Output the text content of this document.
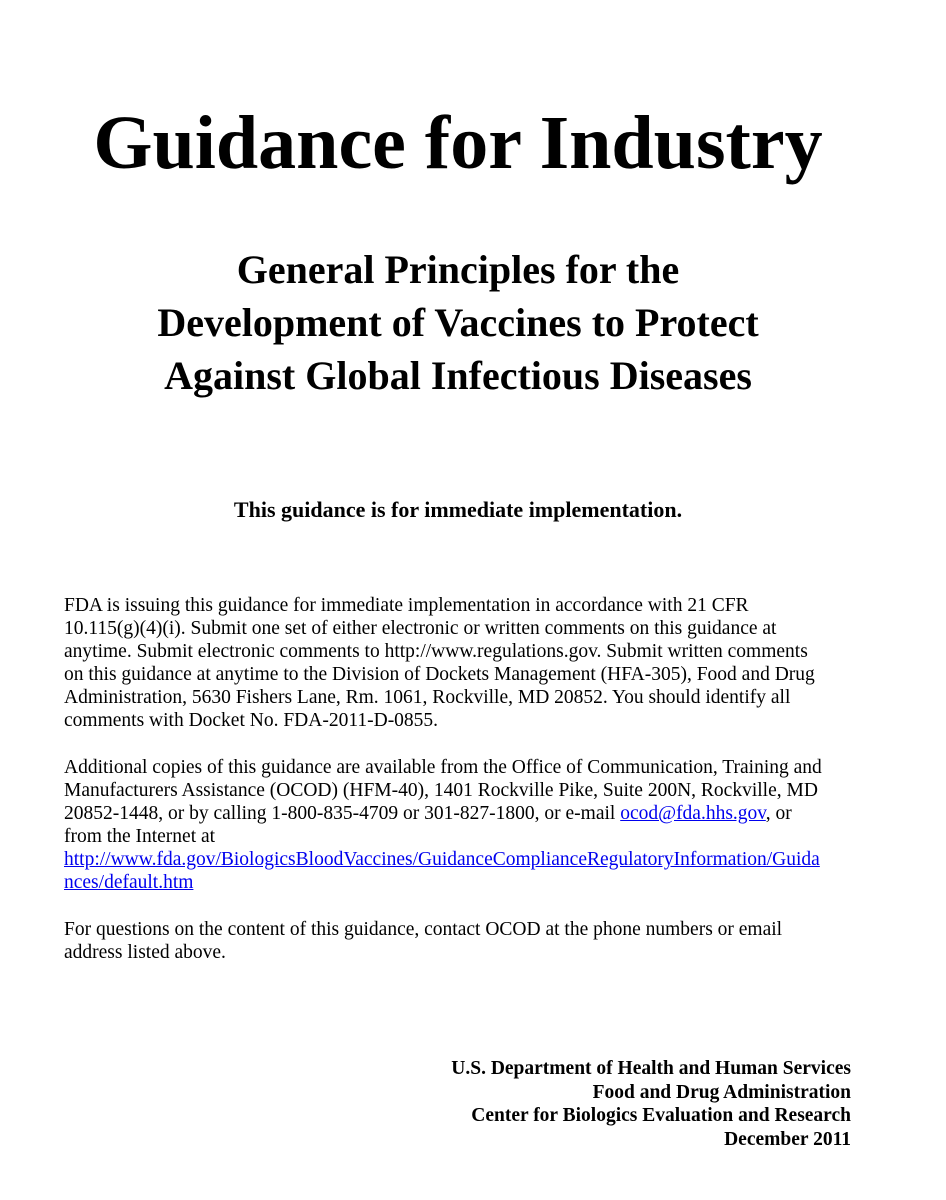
Guidance for Industry
General Principles for the
Development of Vaccines to Protect
Against Global Infectious Diseases

This guidance is for immediate implementation.

FDA is issuing this guidance for immediate implementation in accordance with 21 CFR
10.115(g)(4)(i). Submit one set of either electronic or written comments on this guidance at
anytime. Submit electronic comments to http://www.regulations.gov. Submit written comments
on this guidance at anytime to the Division of Dockets Management (HFA-305), Food and Drug
Administration, 5630 Fishers Lane, Rm. 1061, Rockville, MD 20852. You should identify all
comments with Docket No. FDA-2011-D-0855.

Additional copies of this guidance are available from the Office of Communication, Training and
Manufacturers Assistance (OCOD) (HFM-40), 1401 Rockville Pike, Suite 200N, Rockville, MD
20852-1448, or by calling 1-800-835-4709 or 301-827-1800, or e-mail ocod@fda.hhs.gov, or
from the Internet at
http://www.fda.gov/BiologicsBloodVaccines/GuidanceComplianceRegulatoryInformation/Guida
nces/default.htm

For questions on the content of this guidance, contact OCOD at the phone numbers or email
address listed above.

U.S. Department of Health and Human Services
Food and Drug Administration
Center for Biologics Evaluation and Research
December 2011
